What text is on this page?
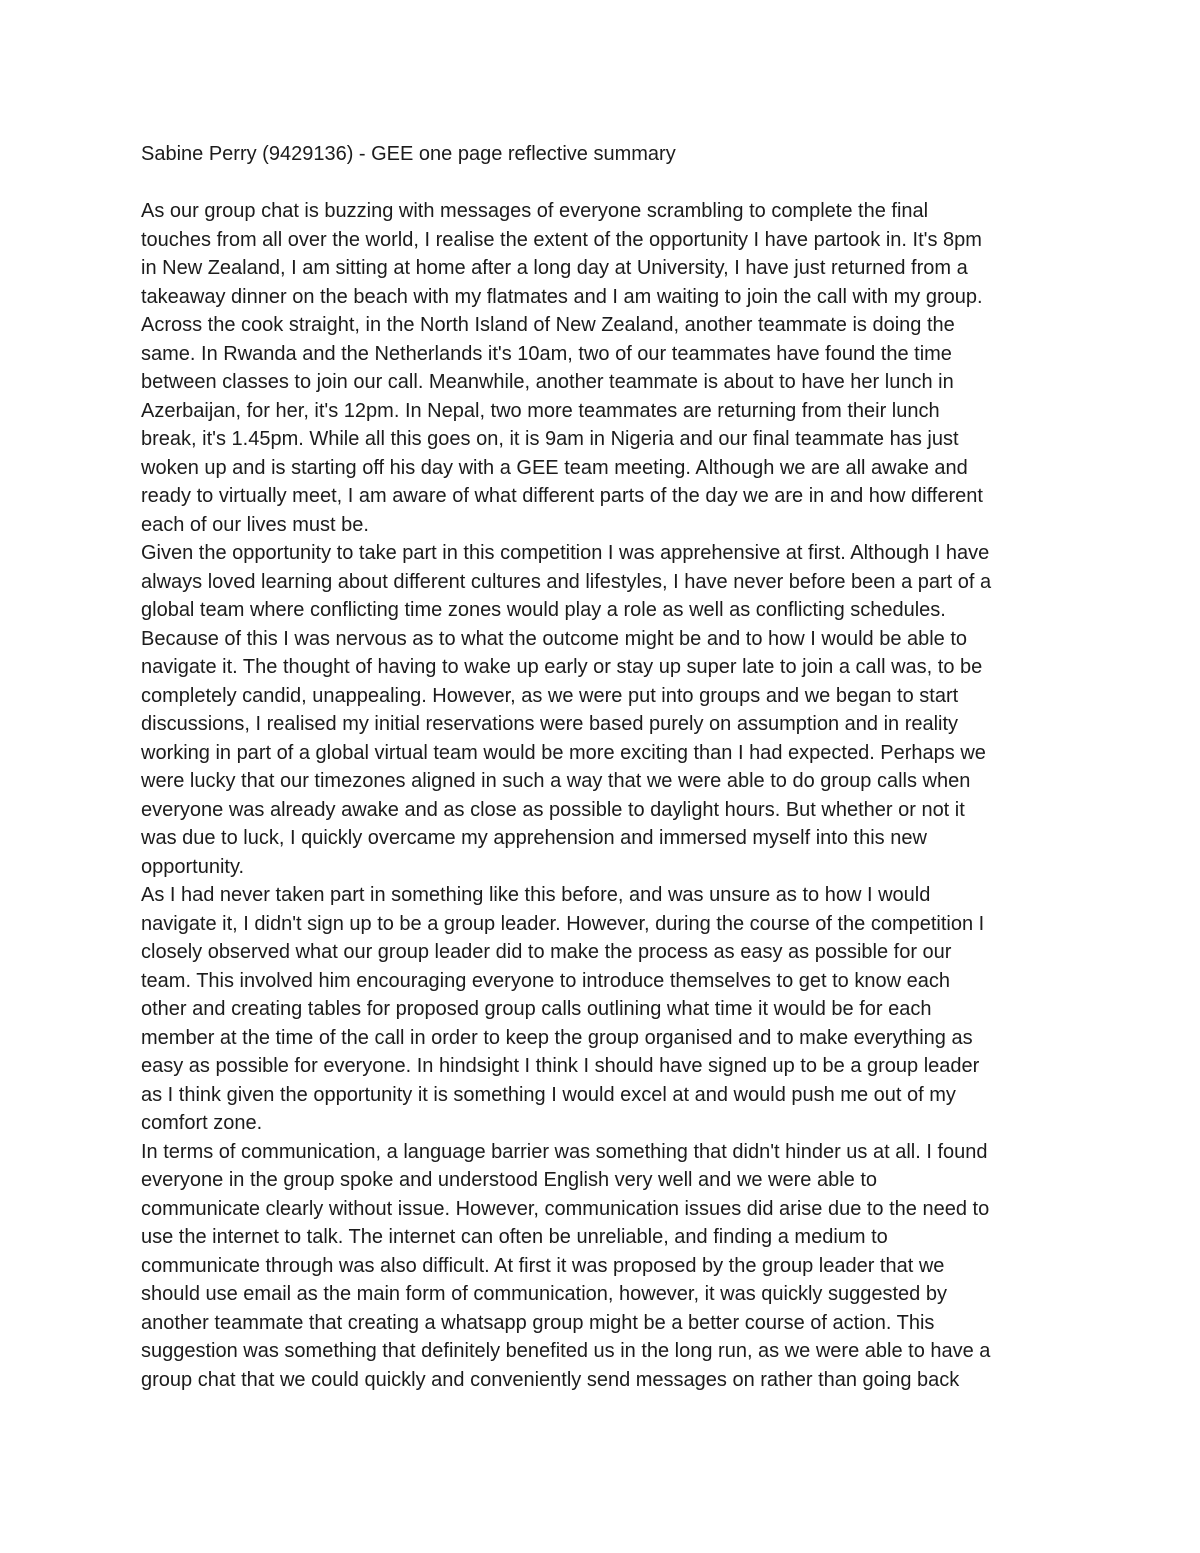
Sabine Perry (9429136) - GEE one page reflective summary
As our group chat is buzzing with messages of everyone scrambling to complete the final
touches from all over the world, I realise the extent of the opportunity I have partook in. It's 8pm
in New Zealand, I am sitting at home after a long day at University, I have just returned from a
takeaway dinner on the beach with my flatmates and I am waiting to join the call with my group.
Across the cook straight, in the North Island of New Zealand, another teammate is doing the
same. In Rwanda and the Netherlands it's 10am, two of our teammates have found the time
between classes to join our call. Meanwhile, another teammate is about to have her lunch in
Azerbaijan, for her, it's 12pm. In Nepal, two more teammates are returning from their lunch
break, it's 1.45pm. While all this goes on, it is 9am in Nigeria and our final teammate has just
woken up and is starting off his day with a GEE team meeting. Although we are all awake and
ready to virtually meet, I am aware of what different parts of the day we are in and how different
each of our lives must be.
Given the opportunity to take part in this competition I was apprehensive at first. Although I have
always loved learning about different cultures and lifestyles, I have never before been a part of a
global team where conflicting time zones would play a role as well as conflicting schedules.
Because of this I was nervous as to what the outcome might be and to how I would be able to
navigate it. The thought of having to wake up early or stay up super late to join a call was, to be
completely candid, unappealing. However, as we were put into groups and we began to start
discussions, I realised my initial reservations were based purely on assumption and in reality
working in part of a global virtual team would be more exciting than I had expected. Perhaps we
were lucky that our timezones aligned in such a way that we were able to do group calls when
everyone was already awake and as close as possible to daylight hours. But whether or not it
was due to luck, I quickly overcame my apprehension and immersed myself into this new
opportunity.
As I had never taken part in something like this before, and was unsure as to how I would
navigate it, I didn't sign up to be a group leader. However, during the course of the competition I
closely observed what our group leader did to make the process as easy as possible for our
team. This involved him encouraging everyone to introduce themselves to get to know each
other and creating tables for proposed group calls outlining what time it would be for each
member at the time of the call in order to keep the group organised and to make everything as
easy as possible for everyone. In hindsight I think I should have signed up to be a group leader
as I think given the opportunity it is something I would excel at and would push me out of my
comfort zone.
In terms of communication, a language barrier was something that didn't hinder us at all. I found
everyone in the group spoke and understood English very well and we were able to
communicate clearly without issue. However, communication issues did arise due to the need to
use the internet to talk. The internet can often be unreliable, and finding a medium to
communicate through was also difficult. At first it was proposed by the group leader that we
should use email as the main form of communication, however, it was quickly suggested by
another teammate that creating a whatsapp group might be a better course of action. This
suggestion was something that definitely benefited us in the long run, as we were able to have a
group chat that we could quickly and conveniently send messages on rather than going back
